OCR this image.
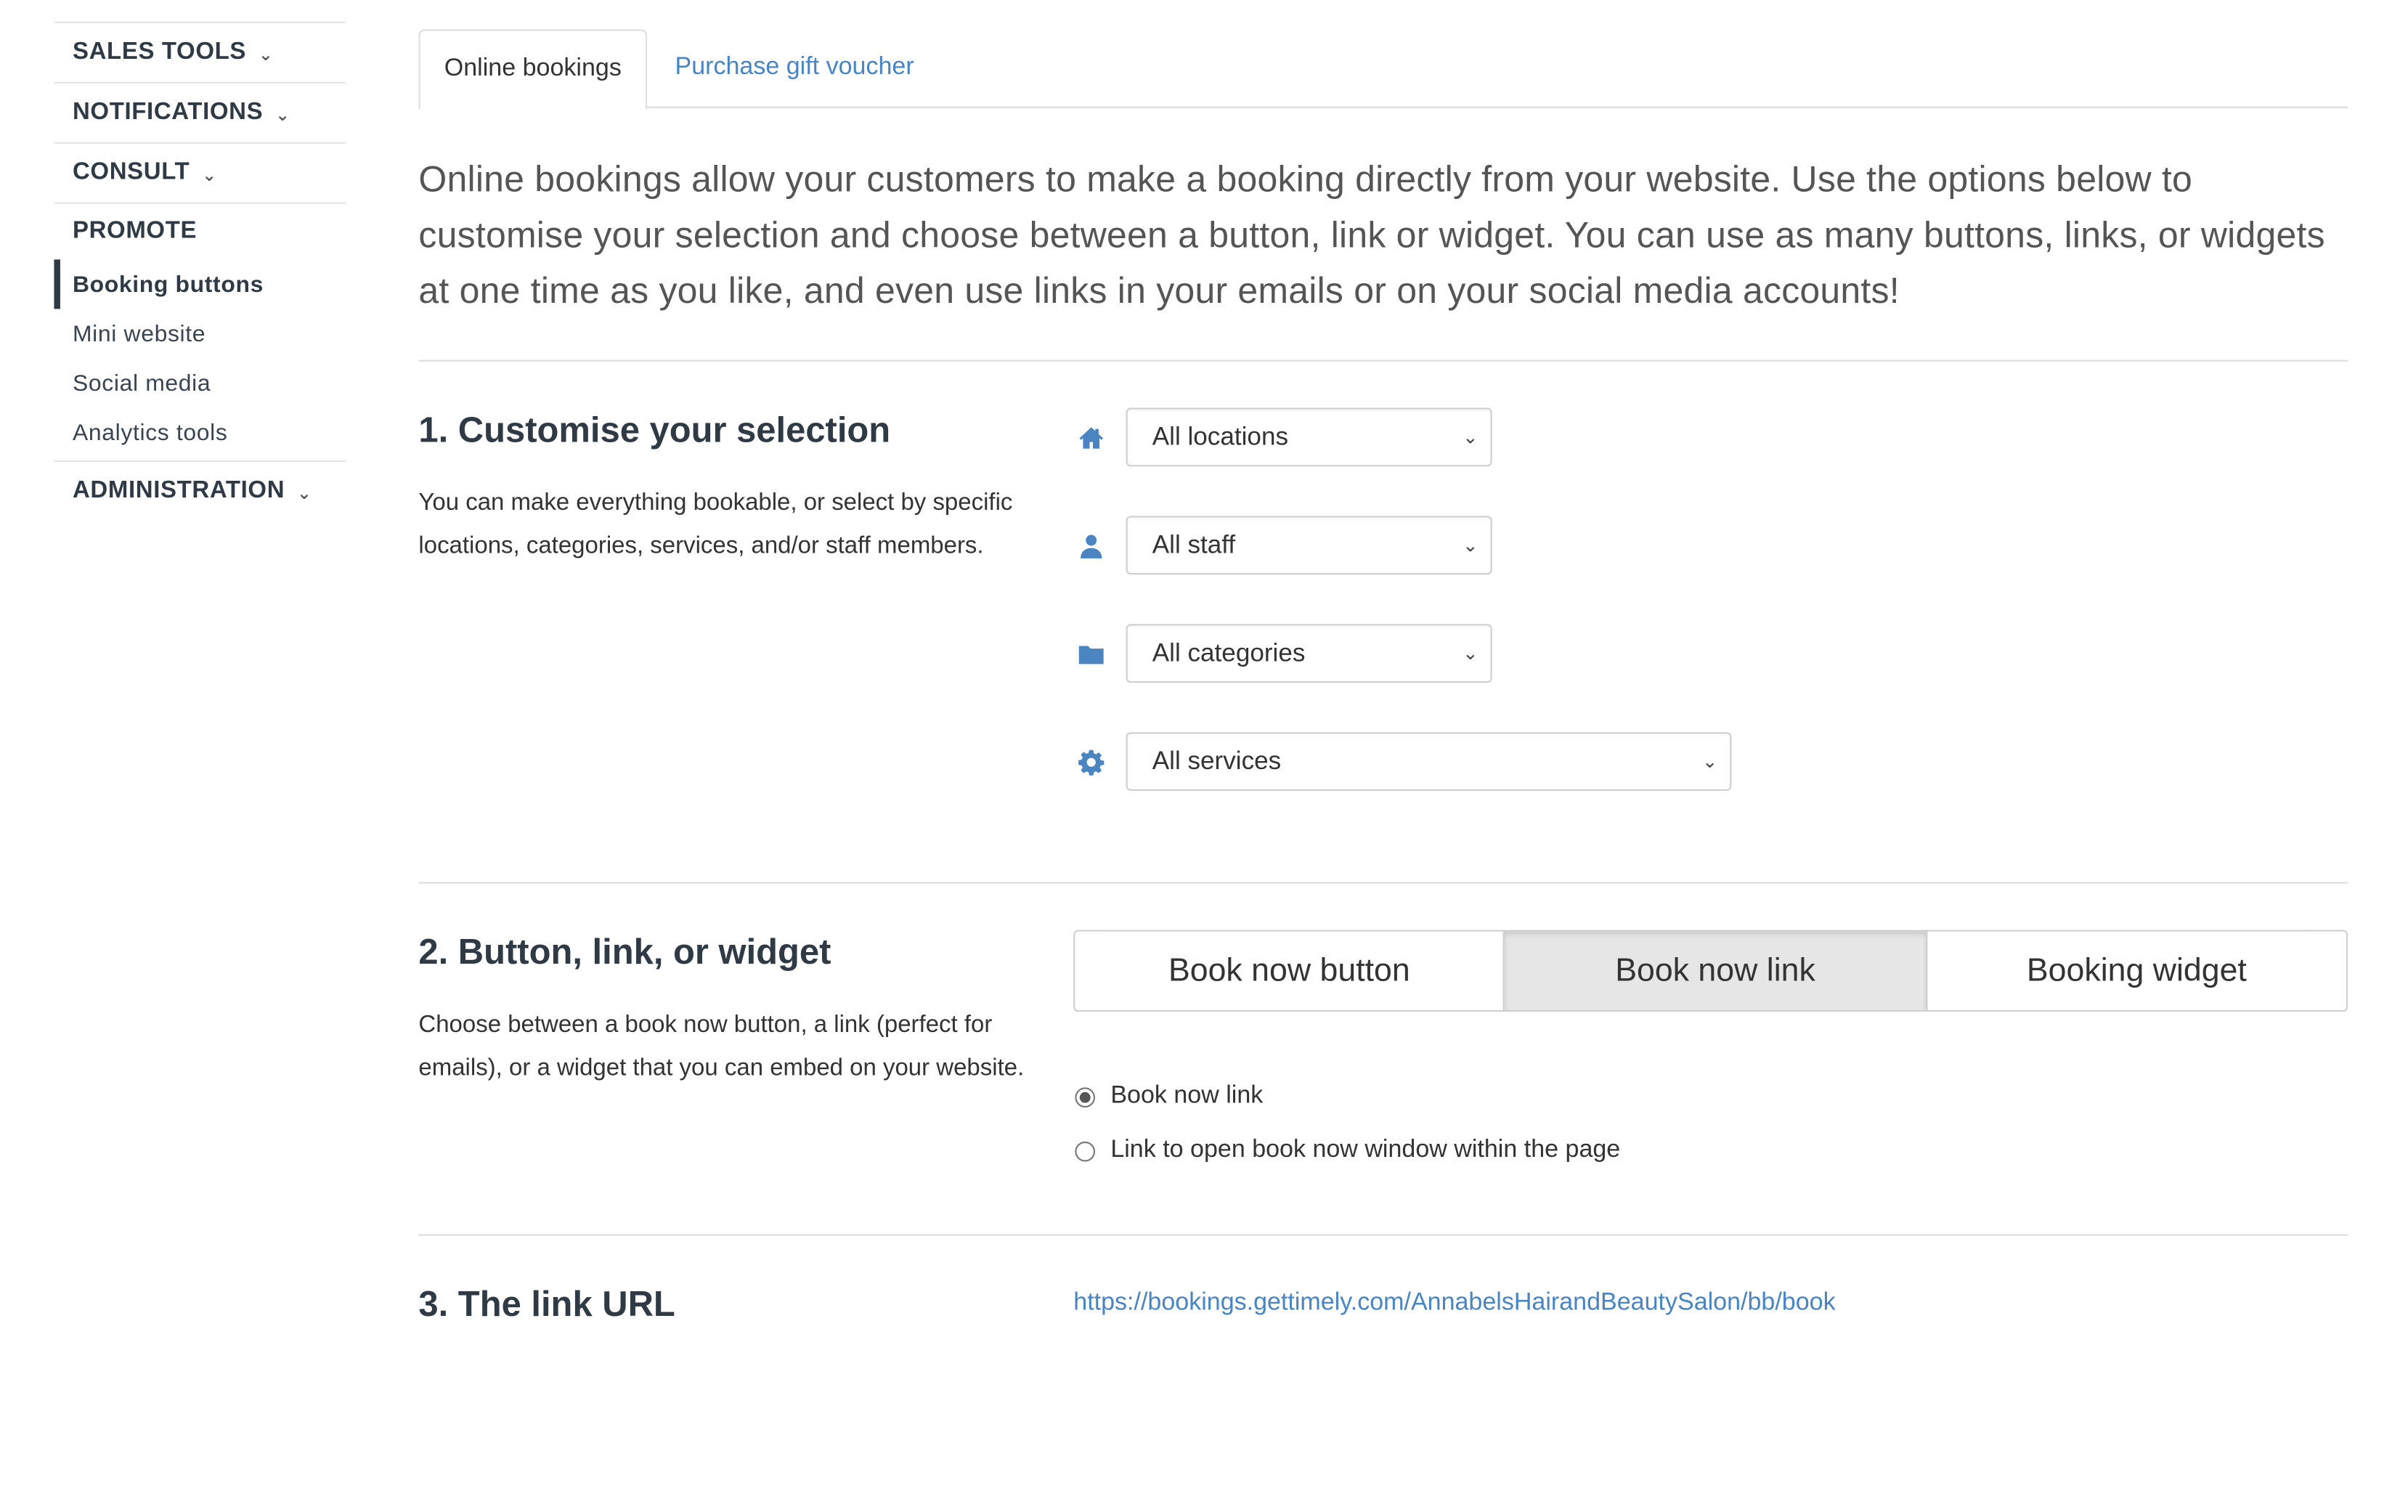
SALES TOOLS ⌄
NOTIFICATIONS ⌄
CONSULT ⌄
PROMOTE
Booking buttons
Mini website
Social media
Analytics tools
ADMINISTRATION ⌄
Online bookings	Purchase gift voucher
Online bookings allow your customers to make a booking directly from your website. Use the options below to customise your selection and choose between a button, link or widget. You can use as many buttons, links, or widgets at one time as you like, and even use links in your emails or on your social media accounts!
1. Customise your selection
You can make everything bookable, or select by specific locations, categories, services, and/or staff members.
All locations	⌄
All staff	⌄
All categories	⌄
All services	⌄
2. Button, link, or widget
Choose between a book now button, a link (perfect for emails), or a widget that you can embed on your website.
Book now button	Book now link	Booking widget
Book now link
Link to open book now window within the page
3. The link URL	https://bookings.gettimely.com/AnnabelsHairandBeautySalon/bb/book
